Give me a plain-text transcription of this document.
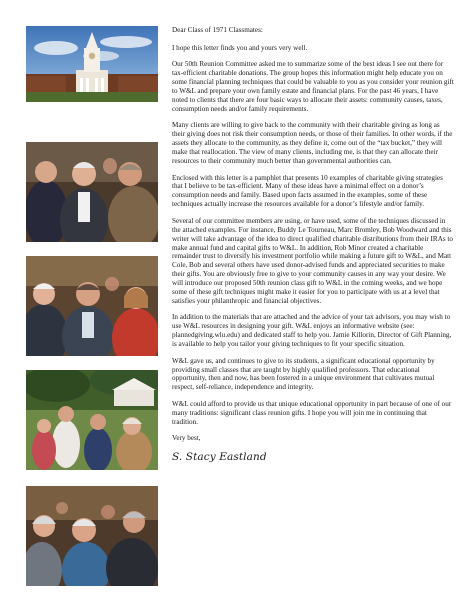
Dear Class of 1971 Classmates:

I hope this letter finds you and yours very well.

Our 50th Reunion Committee asked me to summarize some of the best ideas I see out there for tax-efficient charitable donations. The group hopes this information might help educate you on some financial planning techniques that could be valuable to you as you consider your reunion gift to W&L and prepare your own family estate and financial plans. For the past 46 years, I have noted to clients that there are four basic ways to allocate their assets: community causes, taxes, consumption needs and/or family requirements.

Many clients are willing to give back to the community with their charitable giving as long as their giving does not risk their consumption needs, or those of their families. In other words, if the assets they allocate to the community, as they define it, come out of the “tax bucket,” they will make that reallocation. The view of many clients, including me, is that they can allocate their resources to their community much better than governmental authorities can.

Enclosed with this letter is a pamphlet that presents 10 examples of charitable giving strategies that I believe to be tax-efficient. Many of these ideas have a minimal effect on a donor’s consumption needs and family. Based upon facts assumed in the examples, some of these techniques actually increase the resources available for a donor’s lifestyle and/or family.

Several of our committee members are using, or have used, some of the techniques discussed in the attached examples. For instance, Buddy Le Tourneau, Marc Bromley, Bob Woodward and this writer will take advantage of the idea to direct qualified charitable distributions from their IRAs to make annual fund and capital gifts to W&L. In addition, Rob Minor created a charitable remainder trust to diversify his investment portfolio while making a future gift to W&L, and Matt Cole, Bob and several others have used donor-advised funds and appreciated securities to make their gifts. You are obviously free to give to your community causes in any way your desire. We will introduce our proposed 50th reunion class gift to W&L in the coming weeks, and we hope some of these gift techniques might make it easier for you to participate with us at a level that satisfies your philanthropic and financial objectives.

In addition to the materials that are attached and the advice of your tax advisors, you may wish to use W&L resources in designing your gift. W&L enjoys an informative website (see: plannedgiving.wlu.edu) and dedicated staff to help you. Jamie Killorin, Director of Gift Planning, is available to help you tailor your giving techniques to fit your specific situation.

W&L gave us, and continues to give to its students, a significant educational opportunity by providing small classes that are taught by highly qualified professors. That educational opportunity, then and now, has been fostered in a unique environment that cultivates mutual respect, self-reliance, independence and integrity.

W&L could afford to provide us that unique educational opportunity in part because of one of our many traditions: significant class reunion gifts. I hope you will join me in continuing that tradition.

Very best,

S. Stacy Eastland
